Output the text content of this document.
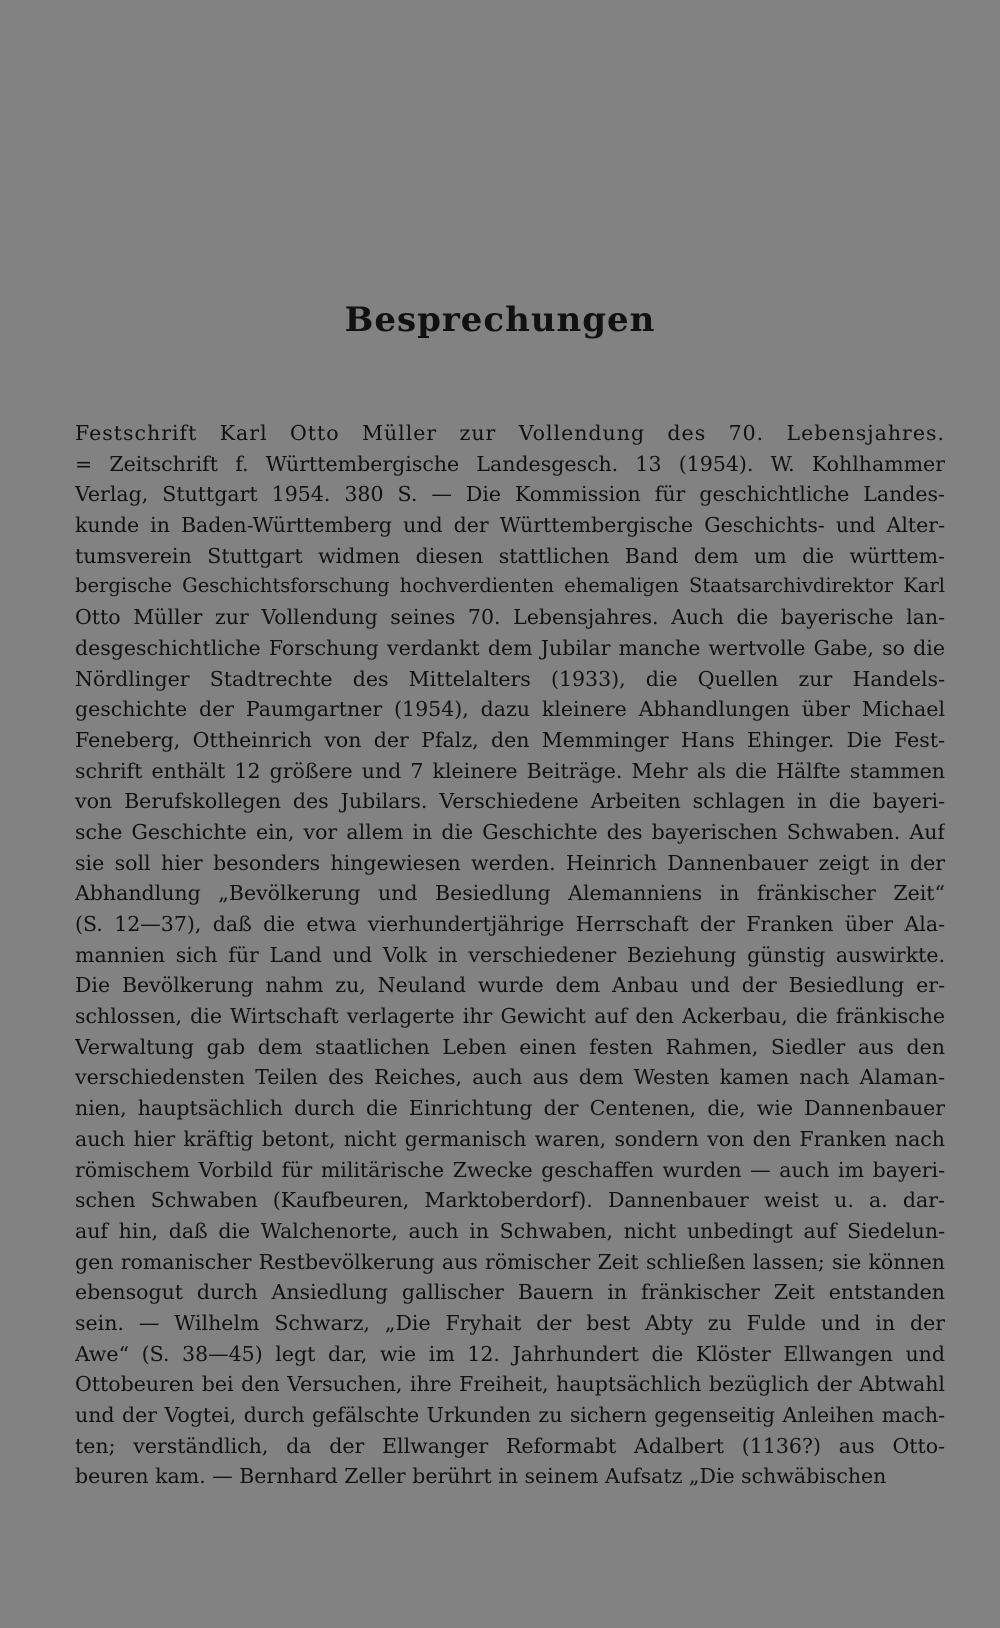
Besprechungen
Festschrift Karl Otto Müller zur Vollendung des 70. Lebensjahres.
= Zeitschrift f. Württembergische Landesgesch. 13 (1954). W. Kohlhammer
Verlag, Stuttgart 1954. 380 S. — Die Kommission für geschichtliche Landes-
kunde in Baden-Württemberg und der Württembergische Geschichts- und Alter-
tumsverein Stuttgart widmen diesen stattlichen Band dem um die württem-
bergische Geschichtsforschung hochverdienten ehemaligen Staatsarchivdirektor Karl
Otto Müller zur Vollendung seines 70. Lebensjahres. Auch die bayerische lan-
desgeschichtliche Forschung verdankt dem Jubilar manche wertvolle Gabe, so die
Nördlinger Stadtrechte des Mittelalters (1933), die Quellen zur Handels-
geschichte der Paumgartner (1954), dazu kleinere Abhandlungen über Michael
Feneberg, Ottheinrich von der Pfalz, den Memminger Hans Ehinger. Die Fest-
schrift enthält 12 größere und 7 kleinere Beiträge. Mehr als die Hälfte stammen
von Berufskollegen des Jubilars. Verschiedene Arbeiten schlagen in die bayeri-
sche Geschichte ein, vor allem in die Geschichte des bayerischen Schwaben. Auf
sie soll hier besonders hingewiesen werden. Heinrich Dannenbauer zeigt in der
Abhandlung „Bevölkerung und Besiedlung Alemanniens in fränkischer Zeit“
(S. 12—37), daß die etwa vierhundertjährige Herrschaft der Franken über Ala-
mannien sich für Land und Volk in verschiedener Beziehung günstig auswirkte.
Die Bevölkerung nahm zu, Neuland wurde dem Anbau und der Besiedlung er-
schlossen, die Wirtschaft verlagerte ihr Gewicht auf den Ackerbau, die fränkische
Verwaltung gab dem staatlichen Leben einen festen Rahmen, Siedler aus den
verschiedensten Teilen des Reiches, auch aus dem Westen kamen nach Alaman-
nien, hauptsächlich durch die Einrichtung der Centenen, die, wie Dannenbauer
auch hier kräftig betont, nicht germanisch waren, sondern von den Franken nach
römischem Vorbild für militärische Zwecke geschaffen wurden — auch im bayeri-
schen Schwaben (Kaufbeuren, Marktoberdorf). Dannenbauer weist u. a. dar-
auf hin, daß die Walchenorte, auch in Schwaben, nicht unbedingt auf Siedelun-
gen romanischer Restbevölkerung aus römischer Zeit schließen lassen; sie können
ebensogut durch Ansiedlung gallischer Bauern in fränkischer Zeit entstanden
sein. — Wilhelm Schwarz, „Die Fryhait der best Abty zu Fulde und in der
Awe“ (S. 38—45) legt dar, wie im 12. Jahrhundert die Klöster Ellwangen und
Ottobeuren bei den Versuchen, ihre Freiheit, hauptsächlich bezüglich der Abtwahl
und der Vogtei, durch gefälschte Urkunden zu sichern gegenseitig Anleihen mach-
ten; verständlich, da der Ellwanger Reformabt Adalbert (1136?) aus Otto-
beuren kam. — Bernhard Zeller berührt in seinem Aufsatz „Die schwäbischen
